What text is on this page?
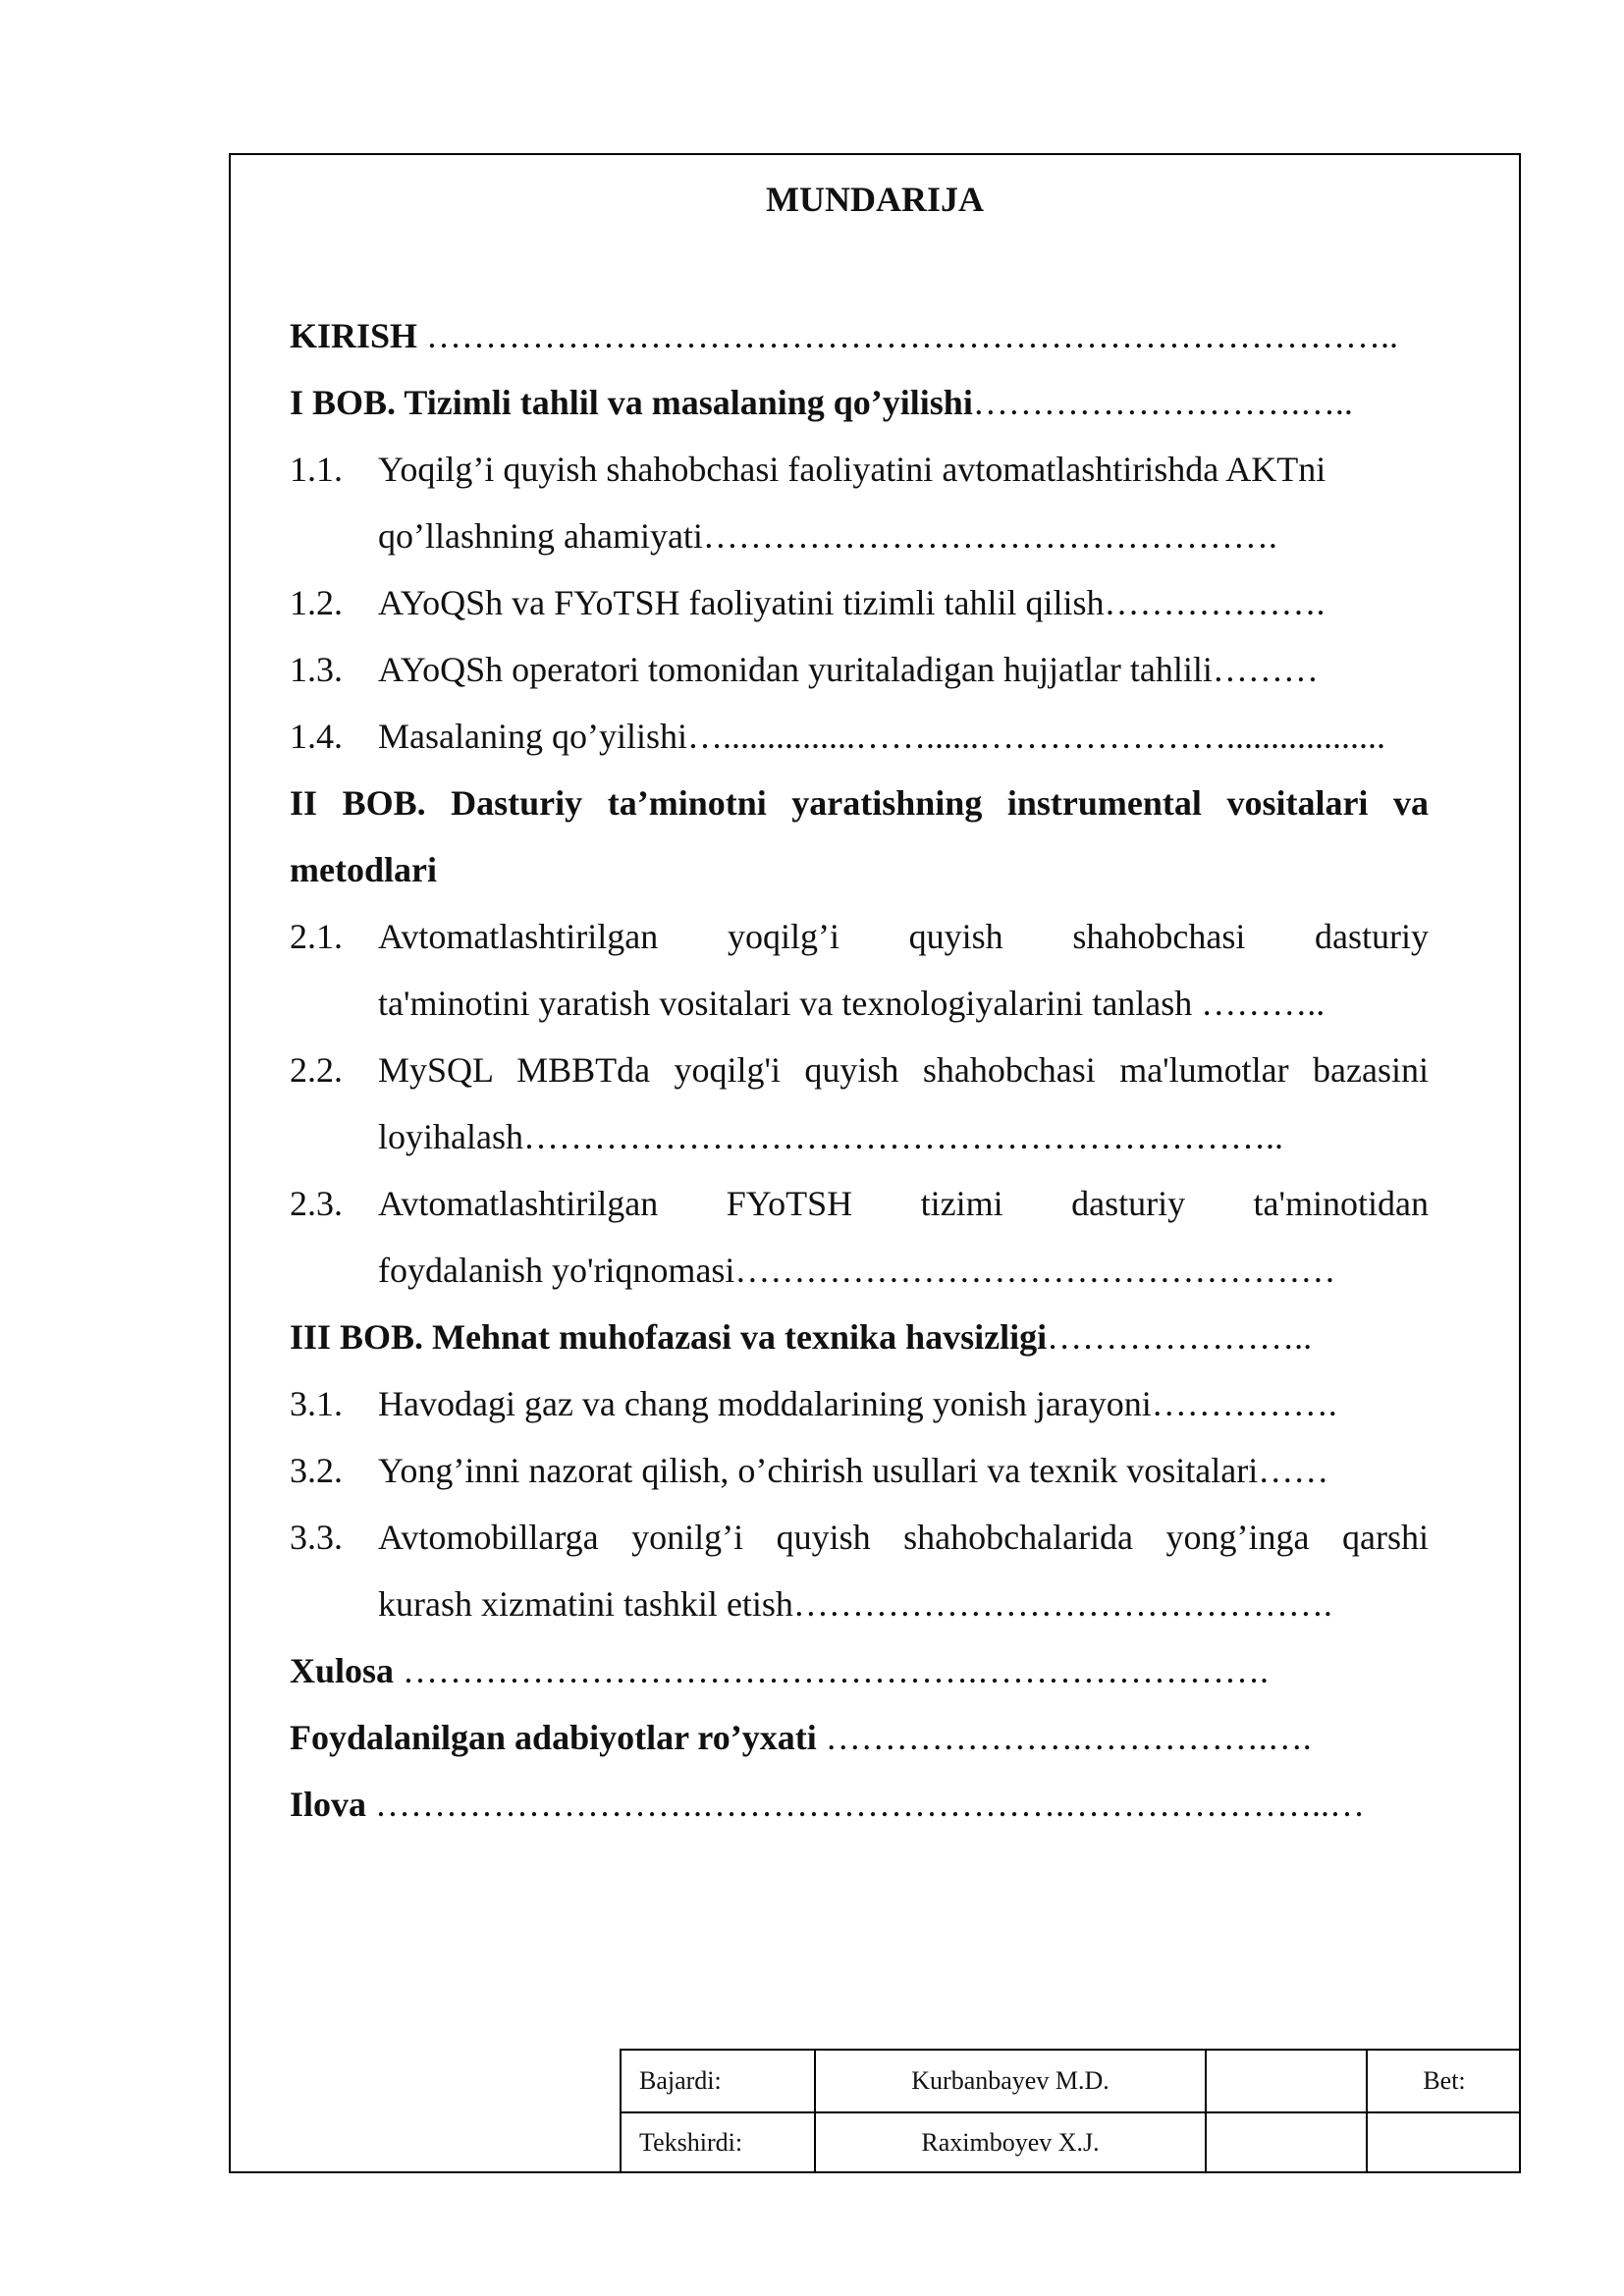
MUNDARIJA
KIRISH ………………………………………………………………………..
I BOB. Tizimli tahlil va masalaning qo’yilishi……………………….…..
1.1.	Yoqilg’i quyish shahobchasi faoliyatini avtomatlashtirishda AKTni
qo’llashning ahamiyati………………………………………….
1.2.	AYoQSh va FYoTSH faoliyatini tizimli tahlil qilish……………….
1.3.	AYoQSh operatori tomonidan yuritaladigan hujjatlar tahlili………
1.4.	Masalaning qo’yilishi…...............……......…………………..................
II BOB. Dasturiy ta’minotni yaratishning instrumental vositalari va
metodlari
2.1.	Avtomatlashtirilgan yoqilg’i quyish shahobchasi dasturiy
ta'minotini yaratish vositalari va texnologiyalarini tanlash ………..
2.2.	MySQL MBBTda yoqilg'i quyish shahobchasi ma'lumotlar bazasini
loyihalash………………………………………………………..
2.3.	Avtomatlashtirilgan FYoTSH tizimi dasturiy ta'minotidan
foydalanish yo'riqnomasi……………………………………………
III BOB. Mehnat muhofazasi va texnika havsizligi…………………..
3.1.	Havodagi gaz va chang moddalarining yonish jarayoni…………….
3.2.	Yong’inni nazorat qilish, o’chirish usullari va texnik vositalari……
3.3.	Avtomobillarga yonilg’i quyish shahobchalarida yong’inga qarshi
kurash xizmatini tashkil etish……………………………………….
Xulosa ………………………………………….…………………….
Foydalanilgan adabiyotlar ro’yxati ………………….…………….….
Ilova ……………………….………………………….…………………..…
Bajardi:	Kurbanbayev M.D.		Bet:
Tekshirdi:	Raximboyev X.J.		
